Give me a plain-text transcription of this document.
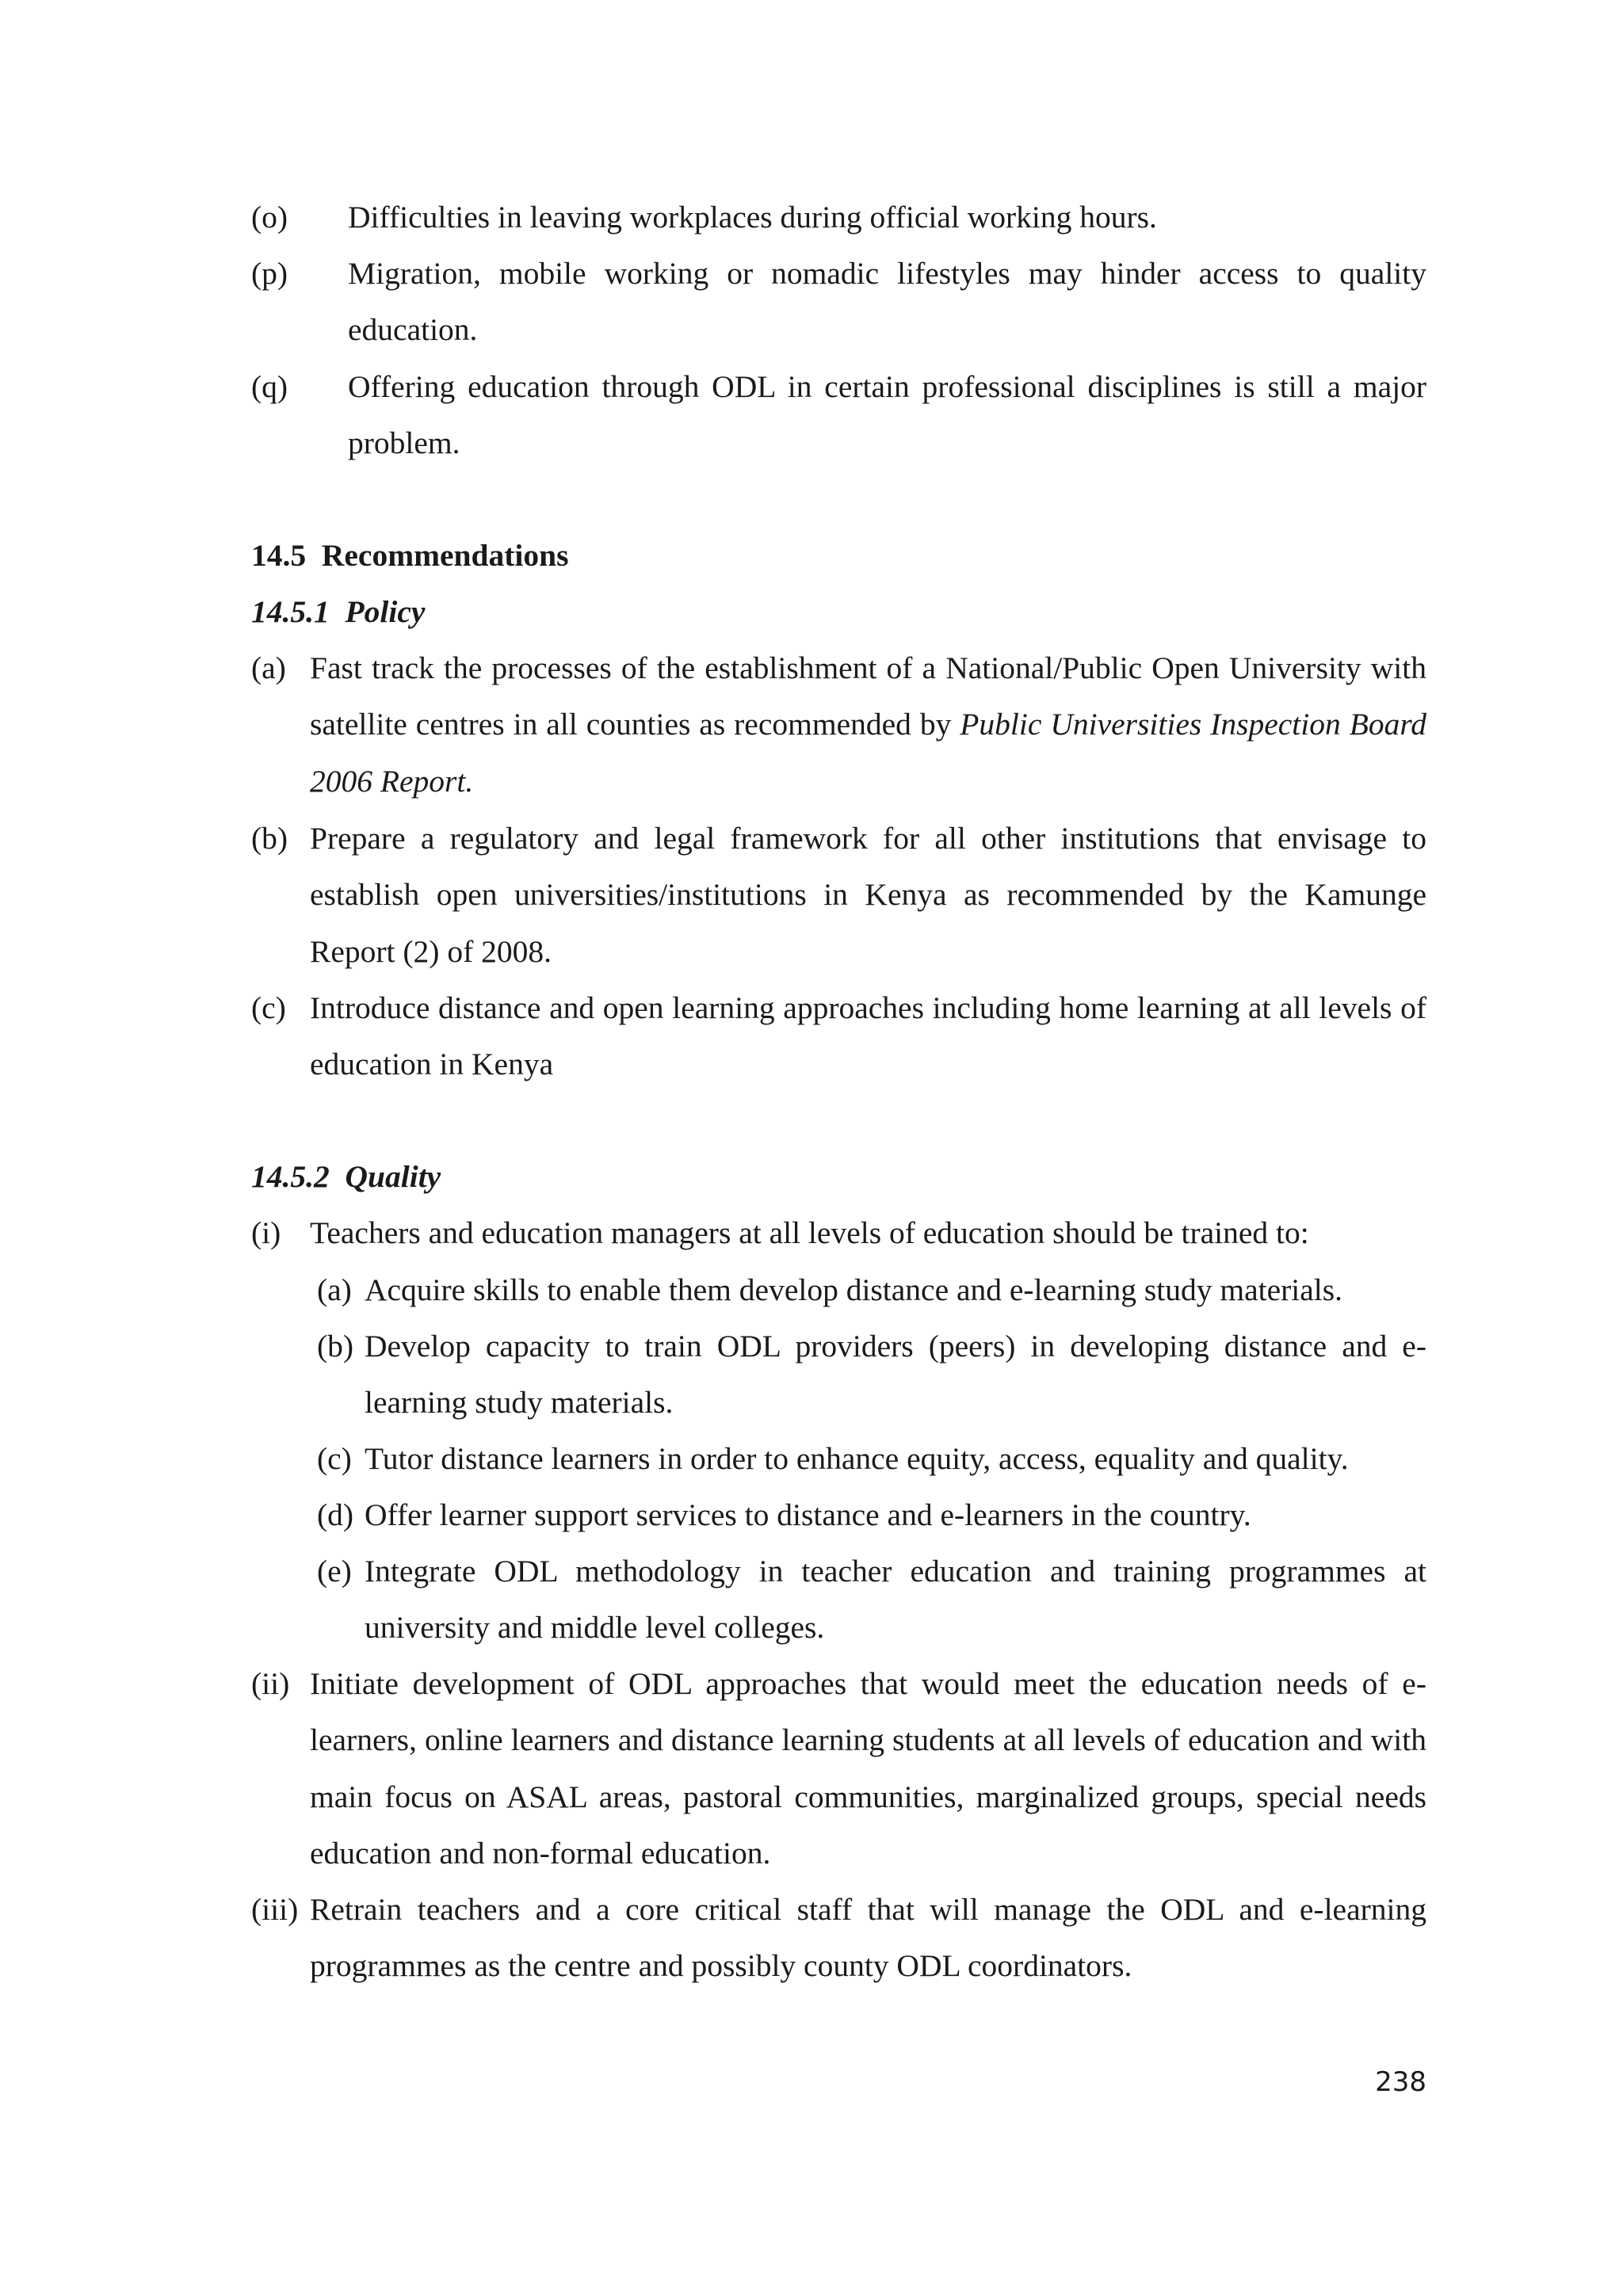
(o) Difficulties in leaving workplaces during official working hours.
(p) Migration, mobile working or nomadic lifestyles may hinder access to quality education.
(q) Offering education through ODL in certain professional disciplines is still a major problem.
14.5  Recommendations
14.5.1  Policy
(a) Fast track the processes of the establishment of a National/Public Open University with satellite centres in all counties as recommended by Public Universities Inspection Board 2006 Report.
(b) Prepare a regulatory and legal framework for all other institutions that envisage to establish open universities/institutions in Kenya as recommended by the Kamunge Report (2) of 2008.
(c) Introduce distance and open learning approaches including home learning at all levels of education in Kenya
14.5.2  Quality
(i) Teachers and education managers at all levels of education should be trained to:
(a) Acquire skills to enable them develop distance and e-learning study materials.
(b) Develop capacity to train ODL providers (peers) in developing distance and e-learning study materials.
(c) Tutor distance learners in order to enhance equity, access, equality and quality.
(d) Offer learner support services to distance and e-learners in the country.
(e) Integrate ODL methodology in teacher education and training programmes at university and middle level colleges.
(ii) Initiate development of ODL approaches that would meet the education needs of e-learners, online learners and distance learning students at all levels of education and with main focus on ASAL areas, pastoral communities, marginalized groups, special needs education and non-formal education.
(iii) Retrain teachers and a core critical staff that will manage the ODL and e-learning programmes as the centre and possibly county ODL coordinators.
238
